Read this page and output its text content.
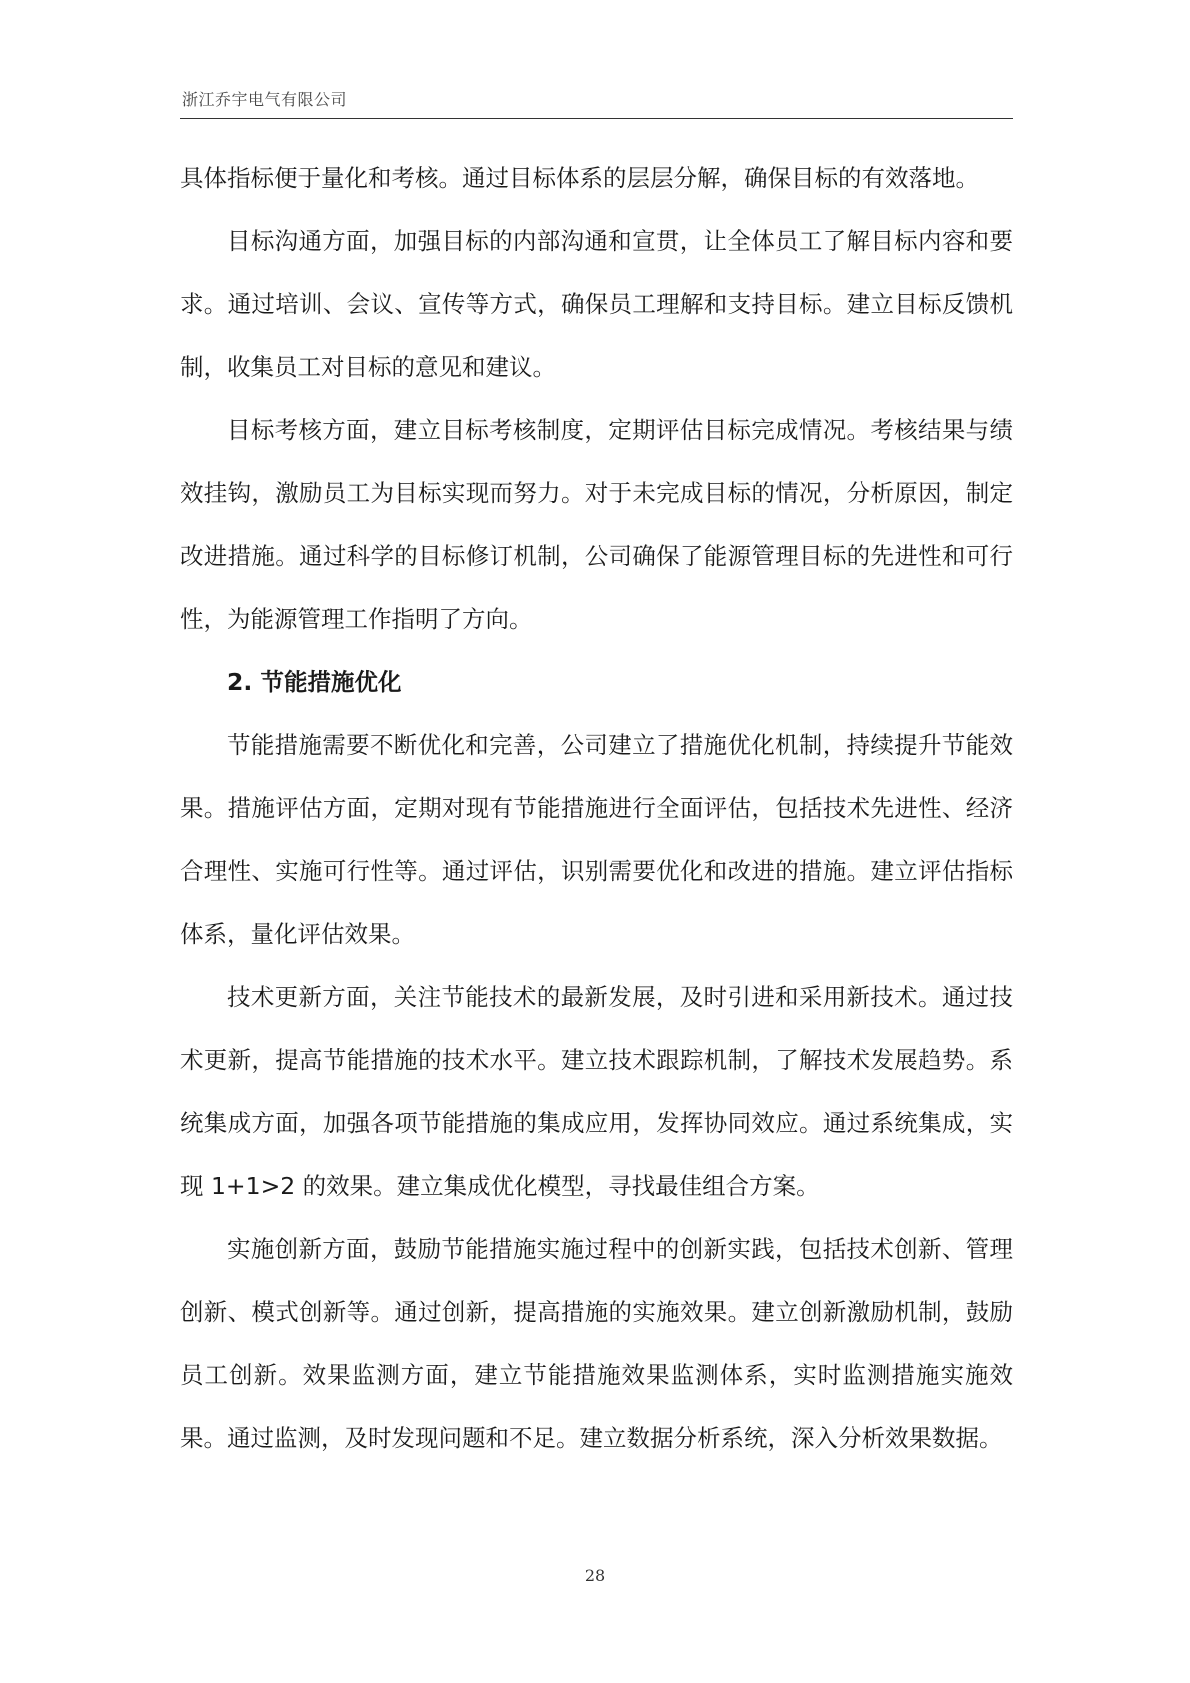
浙江乔宇电气有限公司

具体指标便于量化和考核。通过目标体系的层层分解，确保目标的有效落地。

目标沟通方面，加强目标的内部沟通和宣贯，让全体员工了解目标内容和要求。通过培训、会议、宣传等方式，确保员工理解和支持目标。建立目标反馈机制，收集员工对目标的意见和建议。

目标考核方面，建立目标考核制度，定期评估目标完成情况。考核结果与绩效挂钩，激励员工为目标实现而努力。对于未完成目标的情况，分析原因，制定改进措施。通过科学的目标修订机制，公司确保了能源管理目标的先进性和可行性，为能源管理工作指明了方向。

2. 节能措施优化

节能措施需要不断优化和完善，公司建立了措施优化机制，持续提升节能效果。措施评估方面，定期对现有节能措施进行全面评估，包括技术先进性、经济合理性、实施可行性等。通过评估，识别需要优化和改进的措施。建立评估指标体系，量化评估效果。

技术更新方面，关注节能技术的最新发展，及时引进和采用新技术。通过技术更新，提高节能措施的技术水平。建立技术跟踪机制，了解技术发展趋势。系统集成方面，加强各项节能措施的集成应用，发挥协同效应。通过系统集成，实现 1+1>2 的效果。建立集成优化模型，寻找最佳组合方案。

实施创新方面，鼓励节能措施实施过程中的创新实践，包括技术创新、管理创新、模式创新等。通过创新，提高措施的实施效果。建立创新激励机制，鼓励员工创新。效果监测方面，建立节能措施效果监测体系，实时监测措施实施效果。通过监测，及时发现问题和不足。建立数据分析系统，深入分析效果数据。

28
